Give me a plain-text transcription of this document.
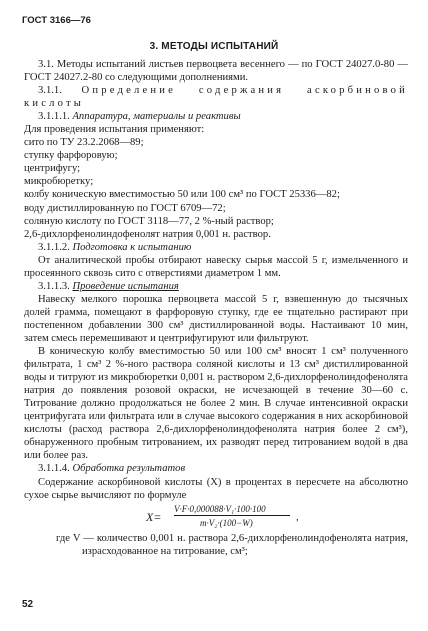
ГОСТ 3166—76
3. МЕТОДЫ ИСПЫТАНИЙ

3.1. Методы испытаний листьев первоцвета весеннего — по ГОСТ 24027.0-80 — ГОСТ 24027.2-80 со следующими дополнениями.

3.1.1. Определение содержания аскорбиновой кислоты

3.1.1.1. Аппаратура, материалы и реактивы

Для проведения испытания применяют:

сито по ТУ 23.2.2068—89;

ступку фарфоровую;

центрифугу;

микробюретку;

колбу коническую вместимостью 50 или 100 см³ по ГОСТ 25336—82;

воду дистиллированную по ГОСТ 6709—72;

соляную кислоту по ГОСТ 3118—77, 2 %-ный раствор;

2,6-дихлорфенолиндофенолят натрия 0,001 н. раствор.

3.1.1.2. Подготовка к испытанию

От аналитической пробы отбирают навеску сырья массой 5 г, измельченного и просеянного сквозь сито с отверстиями диаметром 1 мм.

3.1.1.3. Проведение испытания

Навеску мелкого порошка первоцвета массой 5 г, взвешенную до тысячных долей грамма, помещают в фарфоровую ступку, где ее тщательно растирают при постепенном добавлении 300 см³ дистиллированной воды. Настаивают 10 мин, затем смесь перемешивают и центрифугируют или фильтруют.

В коническую колбу вместимостью 50 или 100 см³ вносят 1 см³ полученного фильтрата, 1 см³ 2 %-ного раствора соляной кислоты и 13 см³ дистиллированной воды и титруют из микробюретки 0,001 н. раствором 2,6-дихлорфенолиндофенолята натрия до появления розовой окраски, не исчезающей в течение 30—60 с. Титрование должно продолжаться не более 2 мин. В случае интенсивной окраски центрифугата или фильтрата или в случае высокого содержания в них аскорбиновой кислоты (расход раствора 2,6-дихлорфенолиндофенолята натрия более 2 см³), обнаруженного пробным титрованием, их разводят перед титрованием водой в два или более раз.

3.1.1.4. Обработка результатов

Содержание аскорбиновой кислоты (X) в процентах в пересчете на абсолютно сухое сырье вычисляют по формуле

X=
V·F·0,000088·V₁·100·100
m·V₂·(100−W)	,

где V — количество 0,001 н. раствора 2,6-дихлорфенолиндофенолята натрия, израсходованное на титрование, см³;

52
